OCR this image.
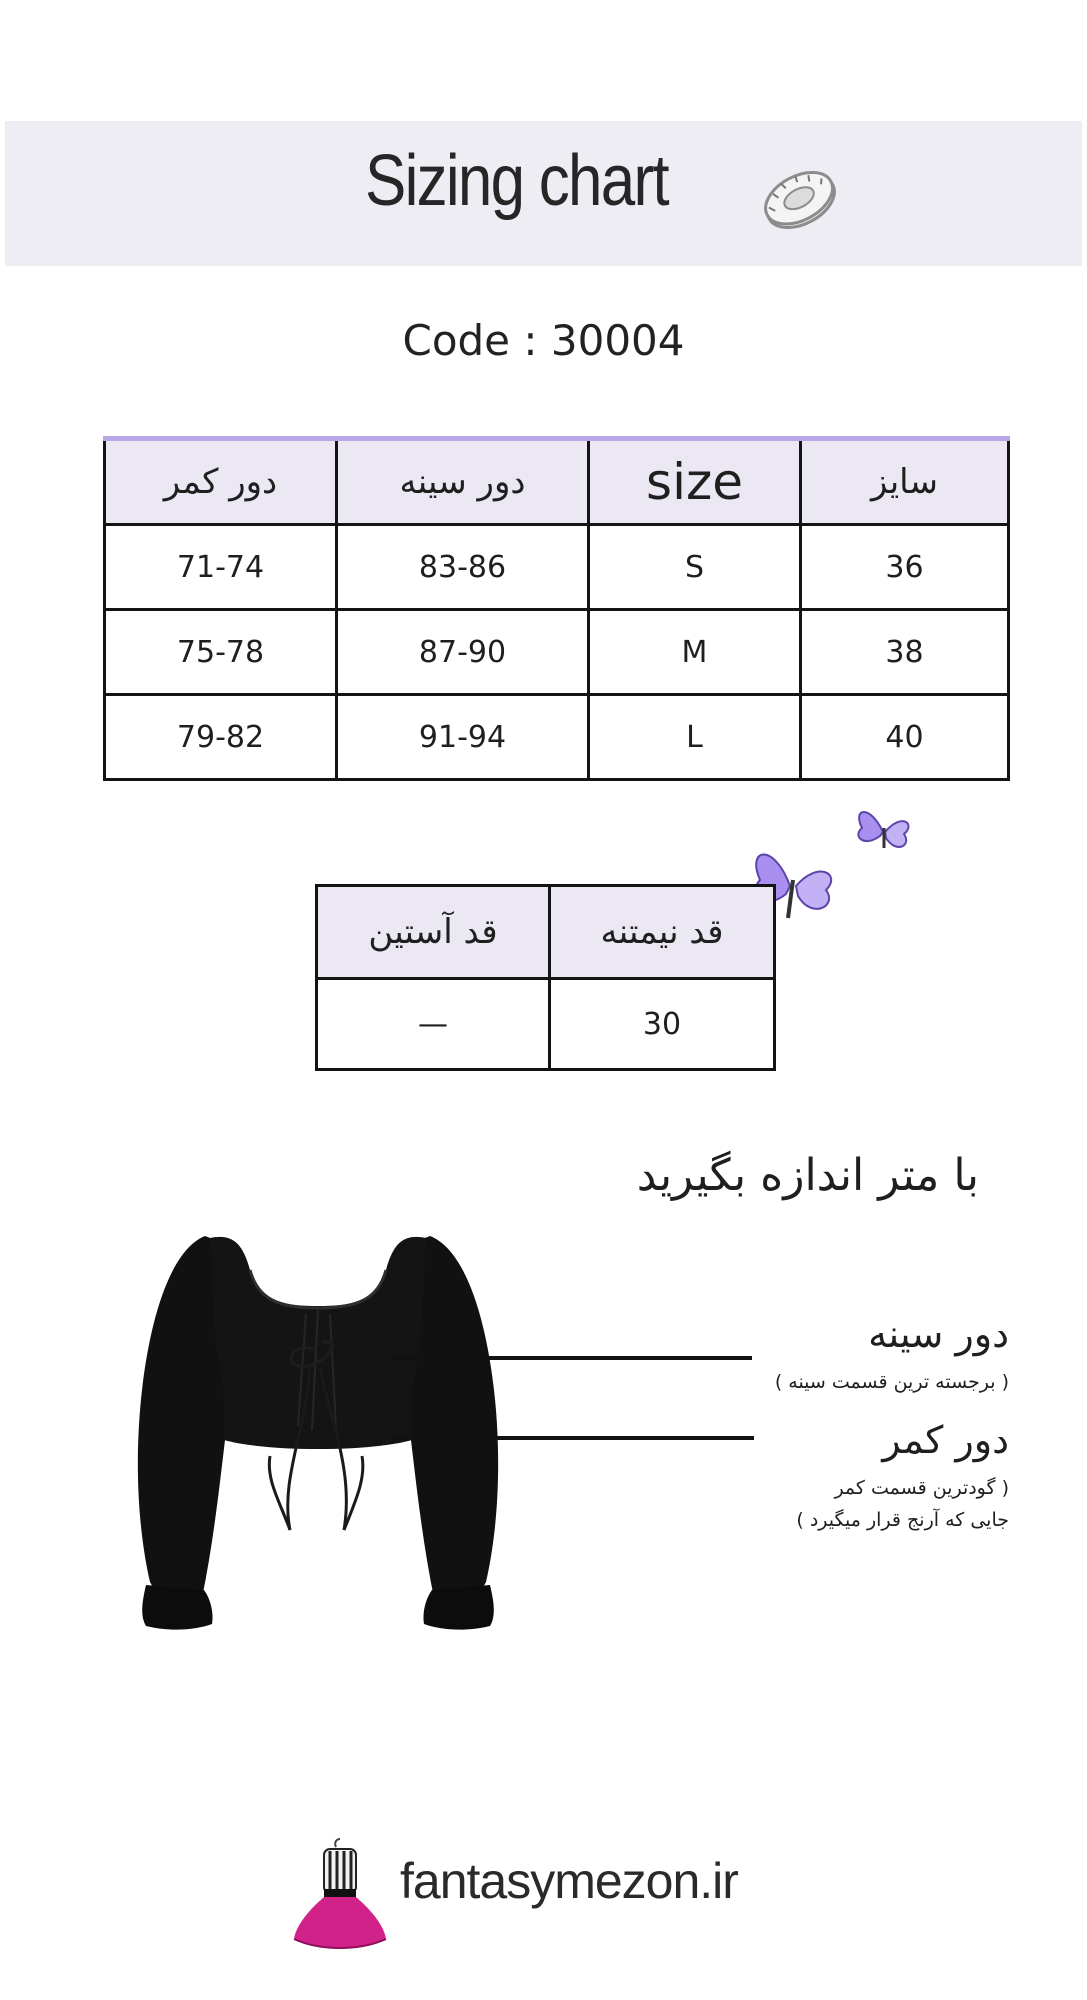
Sizing chart
Code : 30004
دور کمر	دور سینه	size	سایز
71-74	83-86	S	36
75-78	87-90	M	38
79-82	91-94	L	40
قد آستین	قد نیمتنه
—	30
با متر اندازه بگیرید
دور سینه
( برجسته ترین قسمت سینه )
دور کمر
( گودترین قسمت کمر
جایی که آرنج قرار میگیرد )
fantasymezon.ir
